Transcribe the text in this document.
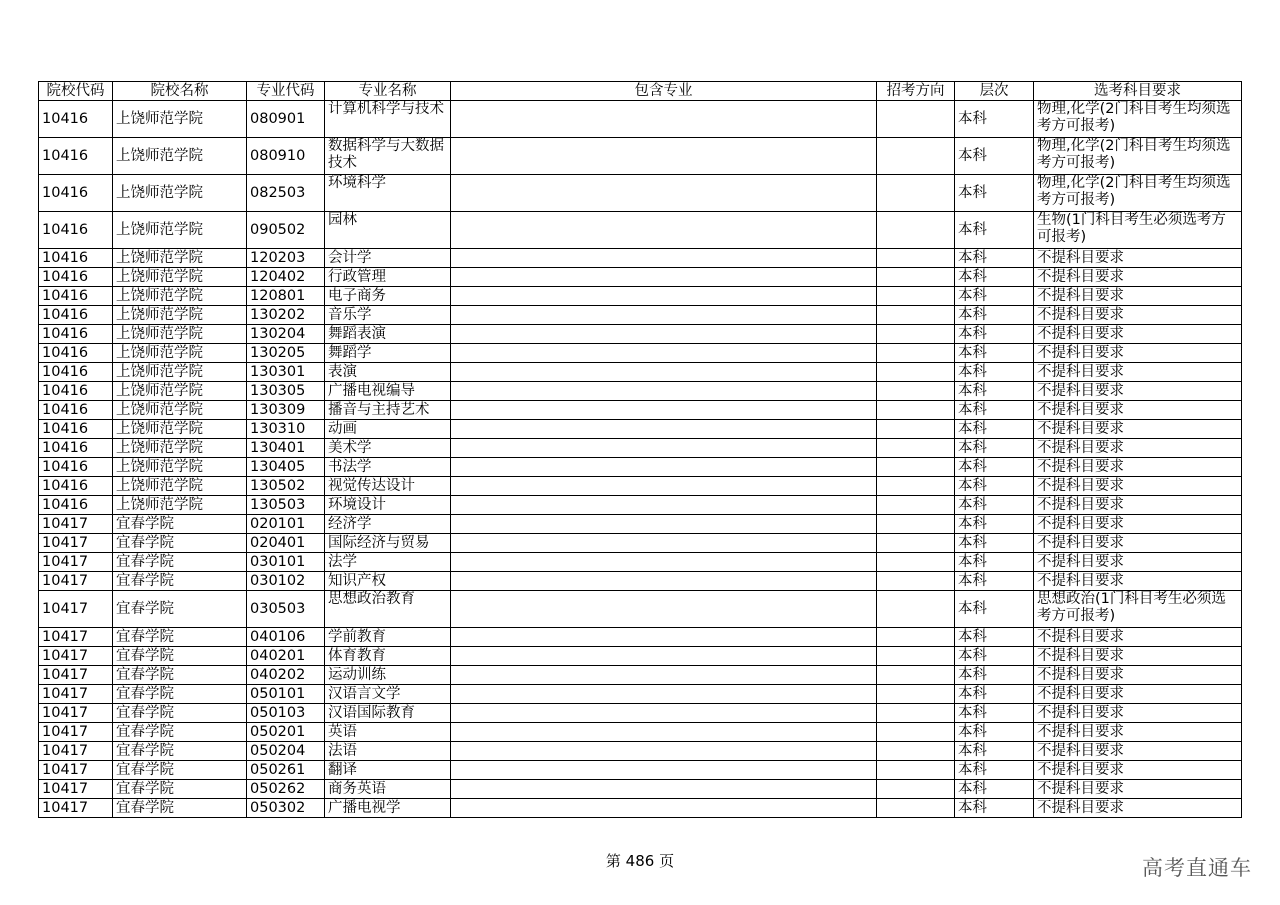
院校代码	院校名称	专业代码	专业名称	包含专业	招考方向	层次	选考科目要求
10416	上饶师范学院	080901	计算机科学与技术			本科	物理,化学(2门科目考生均须选考方可报考)
10416	上饶师范学院	080910	数据科学与大数据技术			本科	物理,化学(2门科目考生均须选考方可报考)
10416	上饶师范学院	082503	环境科学			本科	物理,化学(2门科目考生均须选考方可报考)
10416	上饶师范学院	090502	园林			本科	生物(1门科目考生必须选考方可报考)
10416	上饶师范学院	120203	会计学			本科	不提科目要求
10416	上饶师范学院	120402	行政管理			本科	不提科目要求
10416	上饶师范学院	120801	电子商务			本科	不提科目要求
10416	上饶师范学院	130202	音乐学			本科	不提科目要求
10416	上饶师范学院	130204	舞蹈表演			本科	不提科目要求
10416	上饶师范学院	130205	舞蹈学			本科	不提科目要求
10416	上饶师范学院	130301	表演			本科	不提科目要求
10416	上饶师范学院	130305	广播电视编导			本科	不提科目要求
10416	上饶师范学院	130309	播音与主持艺术			本科	不提科目要求
10416	上饶师范学院	130310	动画			本科	不提科目要求
10416	上饶师范学院	130401	美术学			本科	不提科目要求
10416	上饶师范学院	130405	书法学			本科	不提科目要求
10416	上饶师范学院	130502	视觉传达设计			本科	不提科目要求
10416	上饶师范学院	130503	环境设计			本科	不提科目要求
10417	宜春学院	020101	经济学			本科	不提科目要求
10417	宜春学院	020401	国际经济与贸易			本科	不提科目要求
10417	宜春学院	030101	法学			本科	不提科目要求
10417	宜春学院	030102	知识产权			本科	不提科目要求
10417	宜春学院	030503	思想政治教育			本科	思想政治(1门科目考生必须选考方可报考)
10417	宜春学院	040106	学前教育			本科	不提科目要求
10417	宜春学院	040201	体育教育			本科	不提科目要求
10417	宜春学院	040202	运动训练			本科	不提科目要求
10417	宜春学院	050101	汉语言文学			本科	不提科目要求
10417	宜春学院	050103	汉语国际教育			本科	不提科目要求
10417	宜春学院	050201	英语			本科	不提科目要求
10417	宜春学院	050204	法语			本科	不提科目要求
10417	宜春学院	050261	翻译			本科	不提科目要求
10417	宜春学院	050262	商务英语			本科	不提科目要求
10417	宜春学院	050302	广播电视学			本科	不提科目要求
第 486 页	高考直通车
